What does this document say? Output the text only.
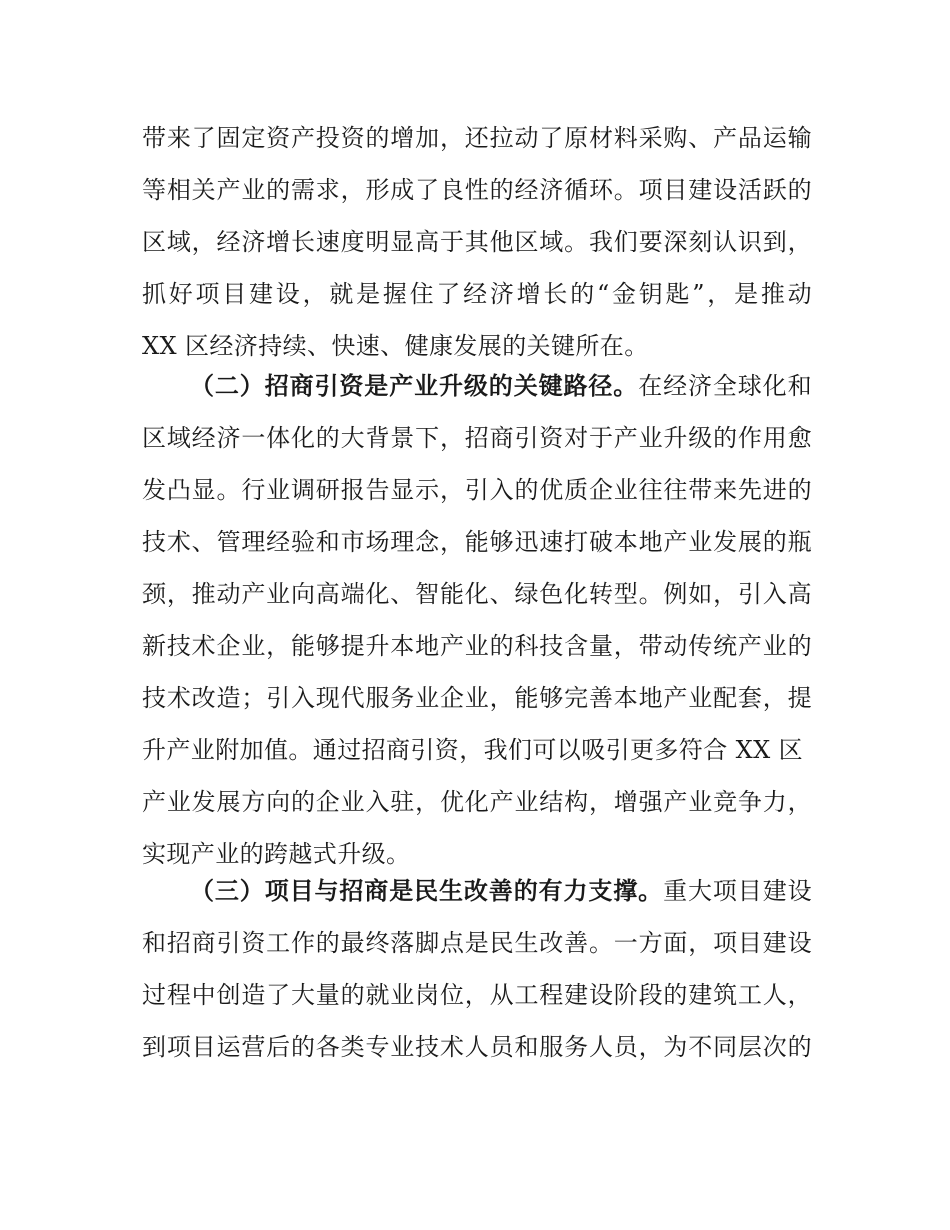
带来了固定资产投资的增加，还拉动了原材料采购、产品运输
等相关产业的需求，形成了良性的经济循环。项目建设活跃的
区域，经济增长速度明显高于其他区域。我们要深刻认识到，
抓好项目建设，就是握住了经济增长的“金钥匙”，是推动
XX 区经济持续、快速、健康发展的关键所在。
（二）招商引资是产业升级的关键路径。在经济全球化和
区域经济一体化的大背景下，招商引资对于产业升级的作用愈
发凸显。行业调研报告显示，引入的优质企业往往带来先进的
技术、管理经验和市场理念，能够迅速打破本地产业发展的瓶
颈，推动产业向高端化、智能化、绿色化转型。例如，引入高
新技术企业，能够提升本地产业的科技含量，带动传统产业的
技术改造；引入现代服务业企业，能够完善本地产业配套，提
升产业附加值。通过招商引资，我们可以吸引更多符合 XX 区
产业发展方向的企业入驻，优化产业结构，增强产业竞争力，
实现产业的跨越式升级。
（三）项目与招商是民生改善的有力支撑。重大项目建设
和招商引资工作的最终落脚点是民生改善。一方面，项目建设
过程中创造了大量的就业岗位，从工程建设阶段的建筑工人，
到项目运营后的各类专业技术人员和服务人员，为不同层次的
